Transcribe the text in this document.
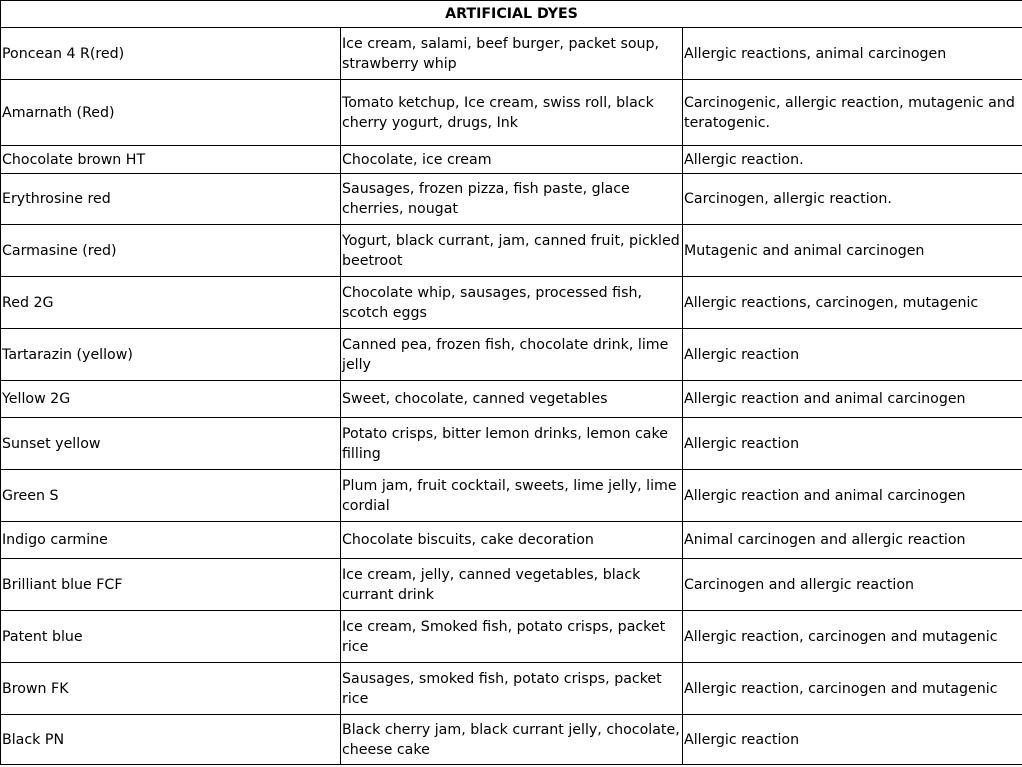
ARTIFICIAL DYES		
Poncean 4 R(red)	Ice cream, salami, beef burger, packet soup, strawberry whip	Allergic reactions, animal carcinogen
Amarnath (Red)	Tomato ketchup, Ice cream, swiss roll, black cherry yogurt, drugs, Ink	Carcinogenic, allergic reaction, mutagenic and teratogenic.
Chocolate brown HT	Chocolate, ice cream	Allergic reaction.
Erythrosine red	Sausages, frozen pizza, fish paste, glace cherries, nougat	Carcinogen, allergic reaction.
Carmasine (red)	Yogurt, black currant, jam, canned fruit, pickled beetroot	Mutagenic and animal carcinogen
Red 2G	Chocolate whip, sausages, processed fish, scotch eggs	Allergic reactions, carcinogen, mutagenic
Tartarazin (yellow)	Canned pea, frozen fish, chocolate drink, lime jelly	Allergic reaction
Yellow 2G	Sweet, chocolate, canned vegetables	Allergic reaction and animal carcinogen
Sunset yellow	Potato crisps, bitter lemon drinks, lemon cake filling	Allergic reaction
Green S	Plum jam, fruit cocktail, sweets, lime jelly, lime cordial	Allergic reaction and animal carcinogen
Indigo carmine	Chocolate biscuits, cake decoration	Animal carcinogen and allergic reaction
Brilliant blue FCF	Ice cream, jelly, canned vegetables, black currant drink	Carcinogen and allergic reaction
Patent blue	Ice cream, Smoked fish, potato crisps, packet rice	Allergic reaction, carcinogen and mutagenic
Brown FK	Sausages, smoked fish, potato crisps, packet rice	Allergic reaction, carcinogen and mutagenic
Black PN	Black cherry jam, black currant jelly, chocolate, cheese cake	Allergic reaction
